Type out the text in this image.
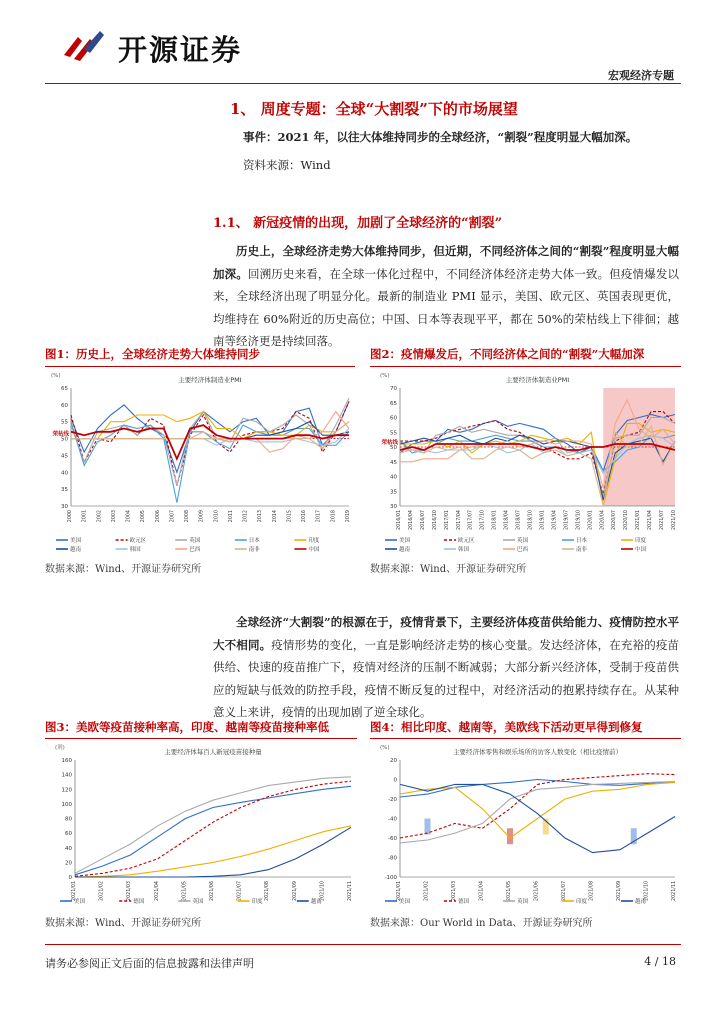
开源证券
宏观经济专题
1、 周度专题：全球“大割裂”下的市场展望
事件：2021 年，以往大体维持同步的全球经济，“割裂”程度明显大幅加深。
资料来源：Wind
1.1、 新冠疫情的出现，加剧了全球经济的“割裂”
历史上，全球经济走势大体维持同步，但近期，不同经济体之间的“割裂”程度明显大幅加深。回溯历史来看，在全球一体化过程中，不同经济体经济走势大体一致。但疫情爆发以来，全球经济出现了明显分化。最新的制造业 PMI 显示，美国、欧元区、英国表现更优，均维持在 60%附近的历史高位；中国、日本等表现平平，都在 50%的荣枯线上下徘徊；越南等经济更是持续回落。
图1：历史上，全球经济走势大体维持同步	图2：疫情爆发后，不同经济体之间的“割裂”大幅加深
主要经济体制造业PMI
(%)
30
35
40
45
50
55
60
65
2000 2001 2002 2003 2004 2005 2006 2007 2008 2009 2010 2011 2012 2013 2014 2015 2016 2017 2018 2019
荣枯线
美国	欧元区	英国	日本	印度
越南	韩国	巴西	南非	中国
主要经济体制造业PMI
(%)
30
35
40
45
50
55
60
65
70
2016/01 2016/04 2016/07 2016/10 2017/01 2017/04 2017/07 2017/10 2018/01 2018/04 2018/07 2018/10 2019/01 2019/04 2019/07 2019/10 2020/01 2020/04 2020/07 2020/10 2021/01 2021/04 2021/07 2021/10
荣枯线
美国	欧元区	英国	日本	印度
越南	韩国	巴西	南非	中国
数据来源：Wind、开源证券研究所	数据来源：Wind、开源证券研究所
全球经济“大割裂”的根源在于，疫情背景下，主要经济体疫苗供给能力、疫情防控水平大不相同。疫情形势的变化，一直是影响经济走势的核心变量。发达经济体，在充裕的疫苗供给、快速的疫苗推广下，疫情对经济的压制不断减弱；大部分新兴经济体，受制于疫苗供应的短缺与低效的防控手段，疫情不断反复的过程中，对经济活动的抱累持续存在。从某种意义上来讲，疫情的出现加剧了逆全球化。
图3：美欧等疫苗接种率高，印度、越南等疫苗接种率低	图4：相比印度、越南等，美欧线下活动更早得到修复
主要经济体每百人新冠疫苗接种量
(剂)
0
20
40
60
80
100
120
140
160
2021/01	2021/02	2021/03	2021/04	2021/05	2021/06	2021/07	2021/08	2021/09	2021/10	2021/11
美国	德国	英国	印度	越南
主要经济体零售和娱乐场所的访客人数变化（相比疫情前）
(%)
-100
-80
-60
-40
-20
0
20
2021/01	2021/02	2021/03	2021/04	2021/05	2021/06	2021/07	2021/08	2021/09	2021/10	2021/11
美国	德国	英国	印度	越南
数据来源：Wind、开源证券研究所	数据来源：Our World in Data、开源证券研究所
请务必参阅正文后面的信息披露和法律声明	4 / 18
